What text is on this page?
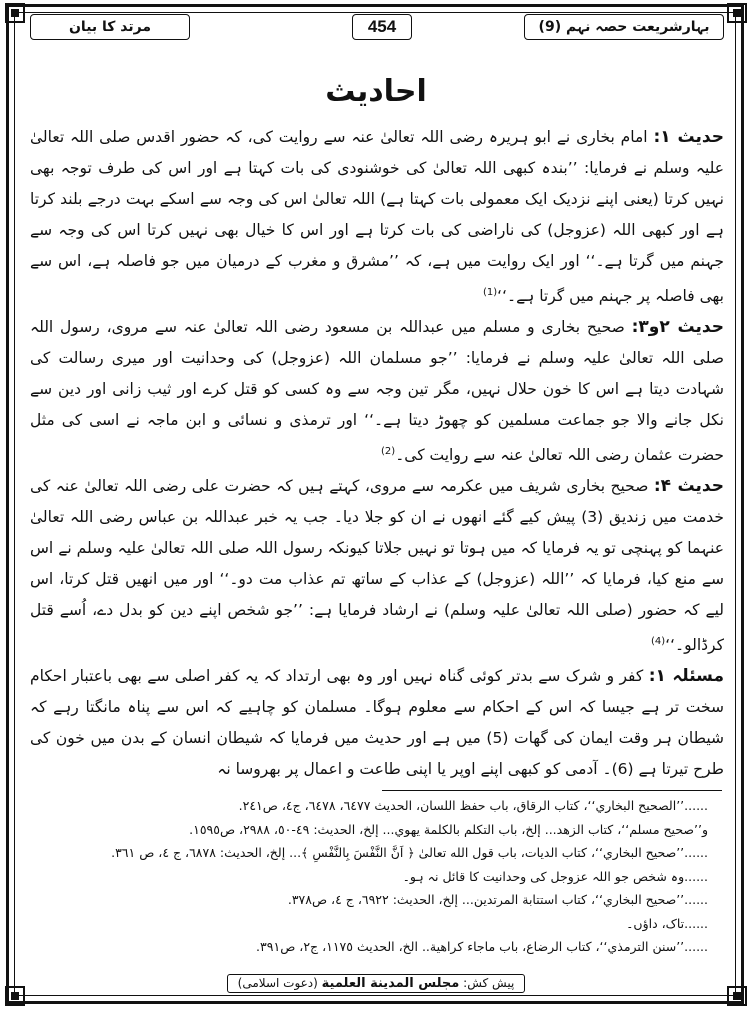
بہارشریعت حصہ نہم (9)
454
مرتد کا بیان
احادیث

حدیث ۱: امام بخاری نے ابو ہریرہ رضی اللہ تعالیٰ عنہ سے روایت کی، کہ حضور اقدس صلی اللہ تعالیٰ علیہ وسلم نے فرمایا: ’’بندہ کبھی اللہ تعالیٰ کی خوشنودی کی بات کہتا ہے اور اس کی طرف توجہ بھی نہیں کرتا (یعنی اپنے نزدیک ایک معمولی بات کہتا ہے) اللہ تعالیٰ اس کی وجہ سے اسکے بہت درجے بلند کرتا ہے اور کبھی اللہ (عزوجل) کی ناراضی کی بات کرتا ہے اور اس کا خیال بھی نہیں کرتا اس کی وجہ سے جہنم میں گرتا ہے۔‘‘ اور ایک روایت میں ہے، کہ ’’مشرق و مغرب کے درمیان میں جو فاصلہ ہے، اس سے بھی فاصلہ پر جہنم میں گرتا ہے۔‘‘$^{(1)}$

حدیث ۲و۳: صحیح بخاری و مسلم میں عبداللہ بن مسعود رضی اللہ تعالیٰ عنہ سے مروی، رسول اللہ صلی اللہ تعالیٰ علیہ وسلم نے فرمایا: ’’جو مسلمان اللہ (عزوجل) کی وحدانیت اور میری رسالت کی شہادت دیتا ہے اس کا خون حلال نہیں، مگر تین وجہ سے وہ کسی کو قتل کرے اور ثیب زانی اور دین سے نکل جانے والا جو جماعت مسلمین کو چھوڑ دیتا ہے۔‘‘ اور ترمذی و نسائی و ابن ماجہ نے اسی کی مثل حضرت عثمان رضی اللہ تعالیٰ عنہ سے روایت کی۔$^{(2)}$

حدیث ۴: صحیح بخاری شریف میں عکرمہ سے مروی، کہتے ہیں کہ حضرت علی رضی اللہ تعالیٰ عنہ کی خدمت میں زندیق (3) پیش کیے گئے انھوں نے ان کو جلا دیا۔ جب یہ خبر عبداللہ بن عباس رضی اللہ تعالیٰ عنہما کو پہنچی تو یہ فرمایا کہ میں ہوتا تو نہیں جلاتا کیونکہ رسول اللہ صلی اللہ تعالیٰ علیہ وسلم نے اس سے منع کیا، فرمایا کہ ’’اللہ (عزوجل) کے عذاب کے ساتھ تم عذاب مت دو۔‘‘ اور میں انھیں قتل کرتا، اس لیے کہ حضور (صلی اللہ تعالیٰ علیہ وسلم) نے ارشاد فرمایا ہے: ’’جو شخص اپنے دین کو بدل دے، اُسے قتل کرڈالو۔‘‘$^{(4)}$

مسئلہ ۱: کفر و شرک سے بدتر کوئی گناہ نہیں اور وہ بھی ارتداد کہ یہ کفر اصلی سے بھی باعتبار احکام سخت تر ہے جیسا کہ اس کے احکام سے معلوم ہوگا۔ مسلمان کو چاہیے کہ اس سے پناہ مانگتا رہے کہ شیطان ہر وقت ایمان کی گھات (5) میں ہے اور حدیث میں فرمایا کہ شیطان انسان کے بدن میں خون کی طرح تیرتا ہے (6)۔ آدمی کو کبھی اپنے اوپر یا اپنی طاعت و اعمال پر بھروسا نہ

......’’الصحیح البخاري‘‘، کتاب الرقاق، باب حفظ اللسان، الحدیث ٦٤٧٧، ٦٤٧٨، ج٤، ص٢٤١.

و’’صحیح مسلم‘‘، کتاب الزهد... إلخ، باب التکلم بالکلمة یهوي... إلخ، الحدیث: ٤٩-٥٠، ٢٩٨٨، ص١٥٩٥.

......’’صحیح البخاري‘‘، کتاب الدیات، باب قول الله تعالیٰ ﴿ اَنَّ النَّفْسَ بِالنَّفْسِ ﴾... إلخ، الحدیث: ٦٨٧٨، ج ٤، ص ٣٦١.

......وہ شخص جو اللہ عزوجل کی وحدانیت کا قائل نہ ہو۔

......’’صحیح البخاري‘‘، کتاب استتابة المرتدین... إلخ، الحدیث: ٦٩٢٢، ج ٤، ص٣٧٨.

......تاک، داؤں۔

......’’سنن الترمذي‘‘، کتاب الرضاع، باب ماجاء کراهیة.. الخ، الحدیث ١١٧٥، ج٢، ص٣٩١.

پیش کش: مجلس المدینة العلمیة (دعوت اسلامی)
